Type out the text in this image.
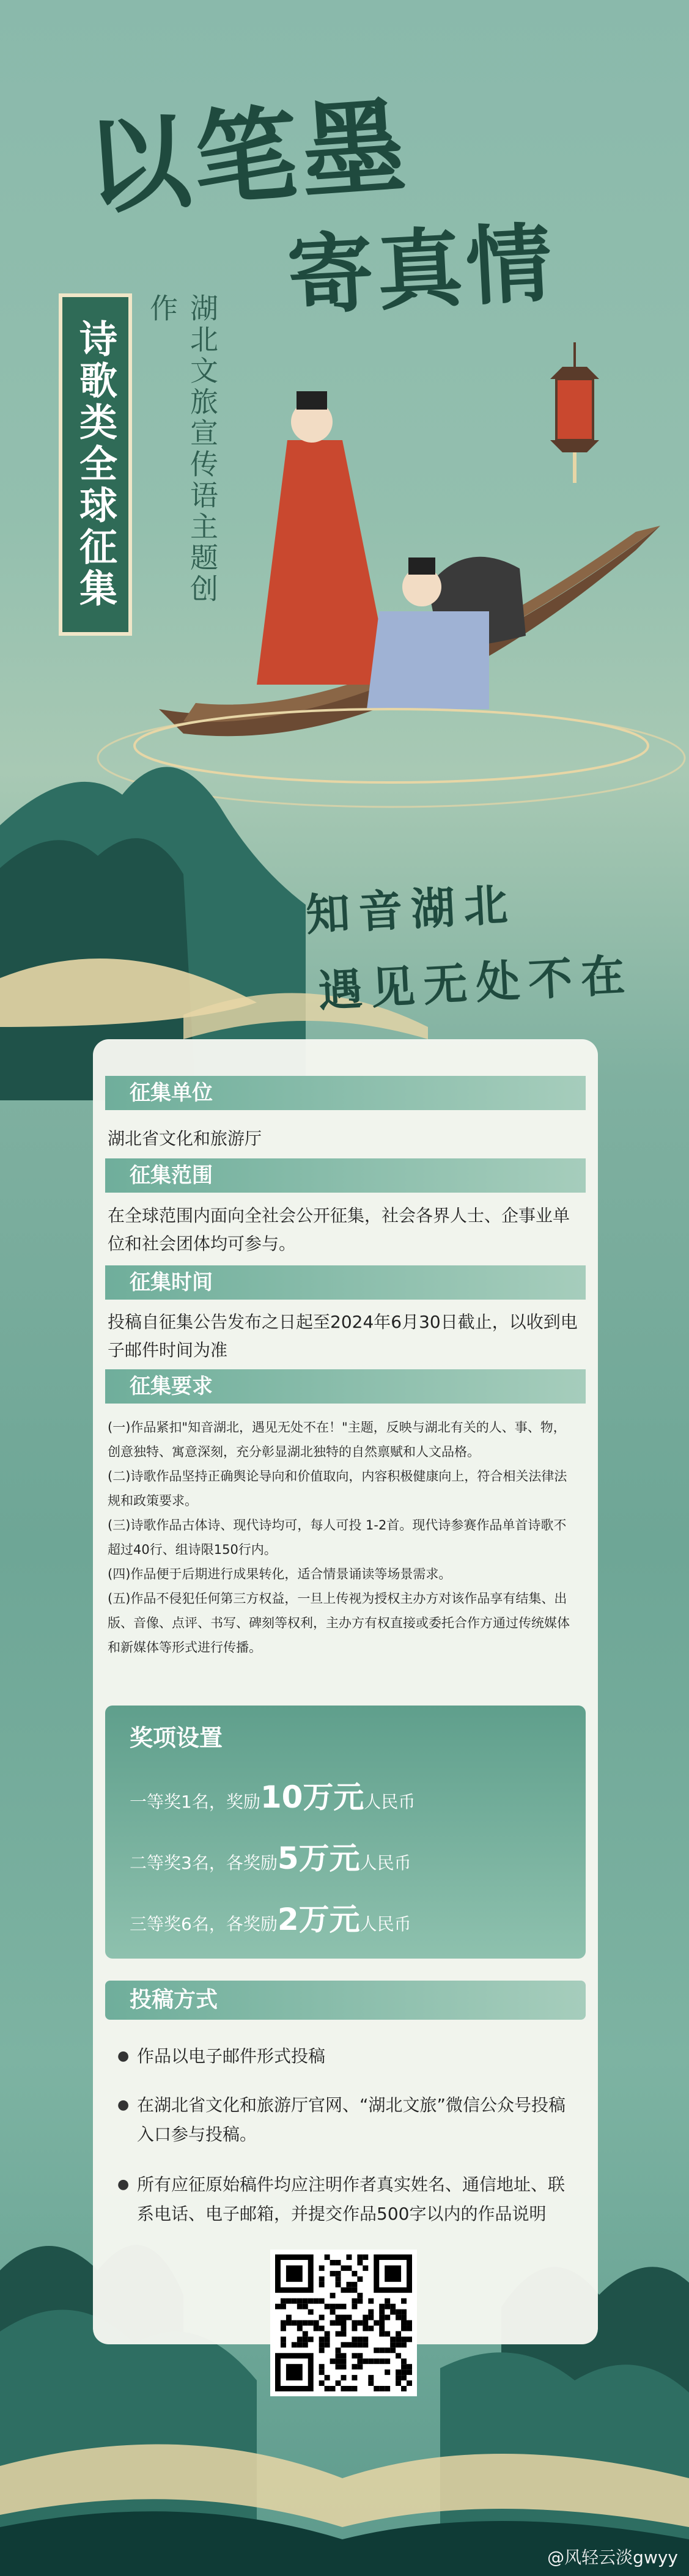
以笔墨
寄真情
诗歌类全球征集	湖北文旅宣传语主题创作
知音湖北
遇见无处不在
征集单位
湖北省文化和旅游厅
征集范围
在全球范围内面向全社会公开征集，社会各界人士、企事业单位和社会团体均可参与。
征集时间
投稿自征集公告发布之日起至2024年6月30日截止，以收到电子邮件时间为准
征集要求
(一)作品紧扣"知音湖北，遇见无处不在！"主题，反映与湖北有关的人、事、物，创意独特、寓意深刻，充分彰显湖北独特的自然禀赋和人文品格。
(二)诗歌作品坚持正确舆论导向和价值取向，内容积极健康向上，符合相关法律法规和政策要求。
(三)诗歌作品古体诗、现代诗均可，每人可投 1-2首。现代诗参赛作品单首诗歌不超过40行、组诗限150行内。
(四)作品便于后期进行成果转化，适合情景诵读等场景需求。
(五)作品不侵犯任何第三方权益，一旦上传视为授权主办方对该作品享有结集、出版、音像、点评、书写、碑刻等权利，主办方有权直接或委托合作方通过传统媒体和新媒体等形式进行传播。
奖项设置
一等奖1名，奖励10万元人民币
二等奖3名，各奖励5万元人民币
三等奖6名，各奖励2万元人民币
投稿方式
● 作品以电子邮件形式投稿
● 在湖北省文化和旅游厅官网、“湖北文旅”微信公众号投稿入口参与投稿。
● 所有应征原始稿件均应注明作者真实姓名、通信地址、联系电话、电子邮箱，并提交作品500字以内的作品说明
@风轻云淡gwyy
